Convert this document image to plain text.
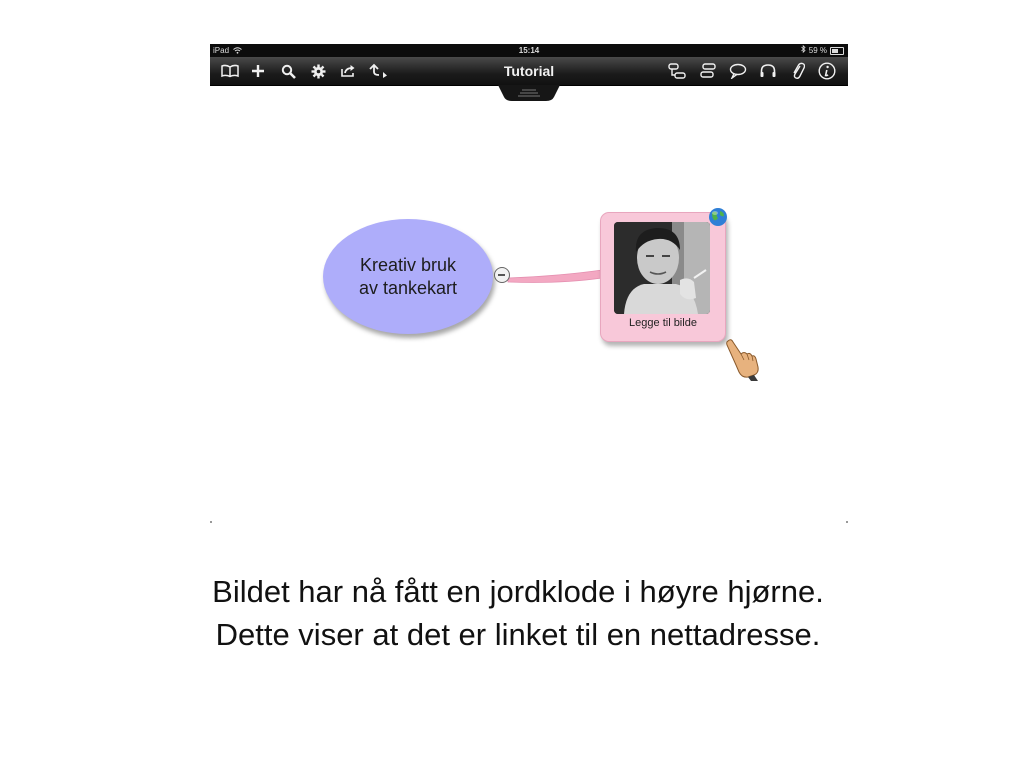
iPad	15:14	59 %
Tutorial
Kreativ bruk
av tankekart
Legge til bilde
Bildet har nå fått en jordklode i høyre hjørne.
Dette viser at det er linket til en nettadresse.
